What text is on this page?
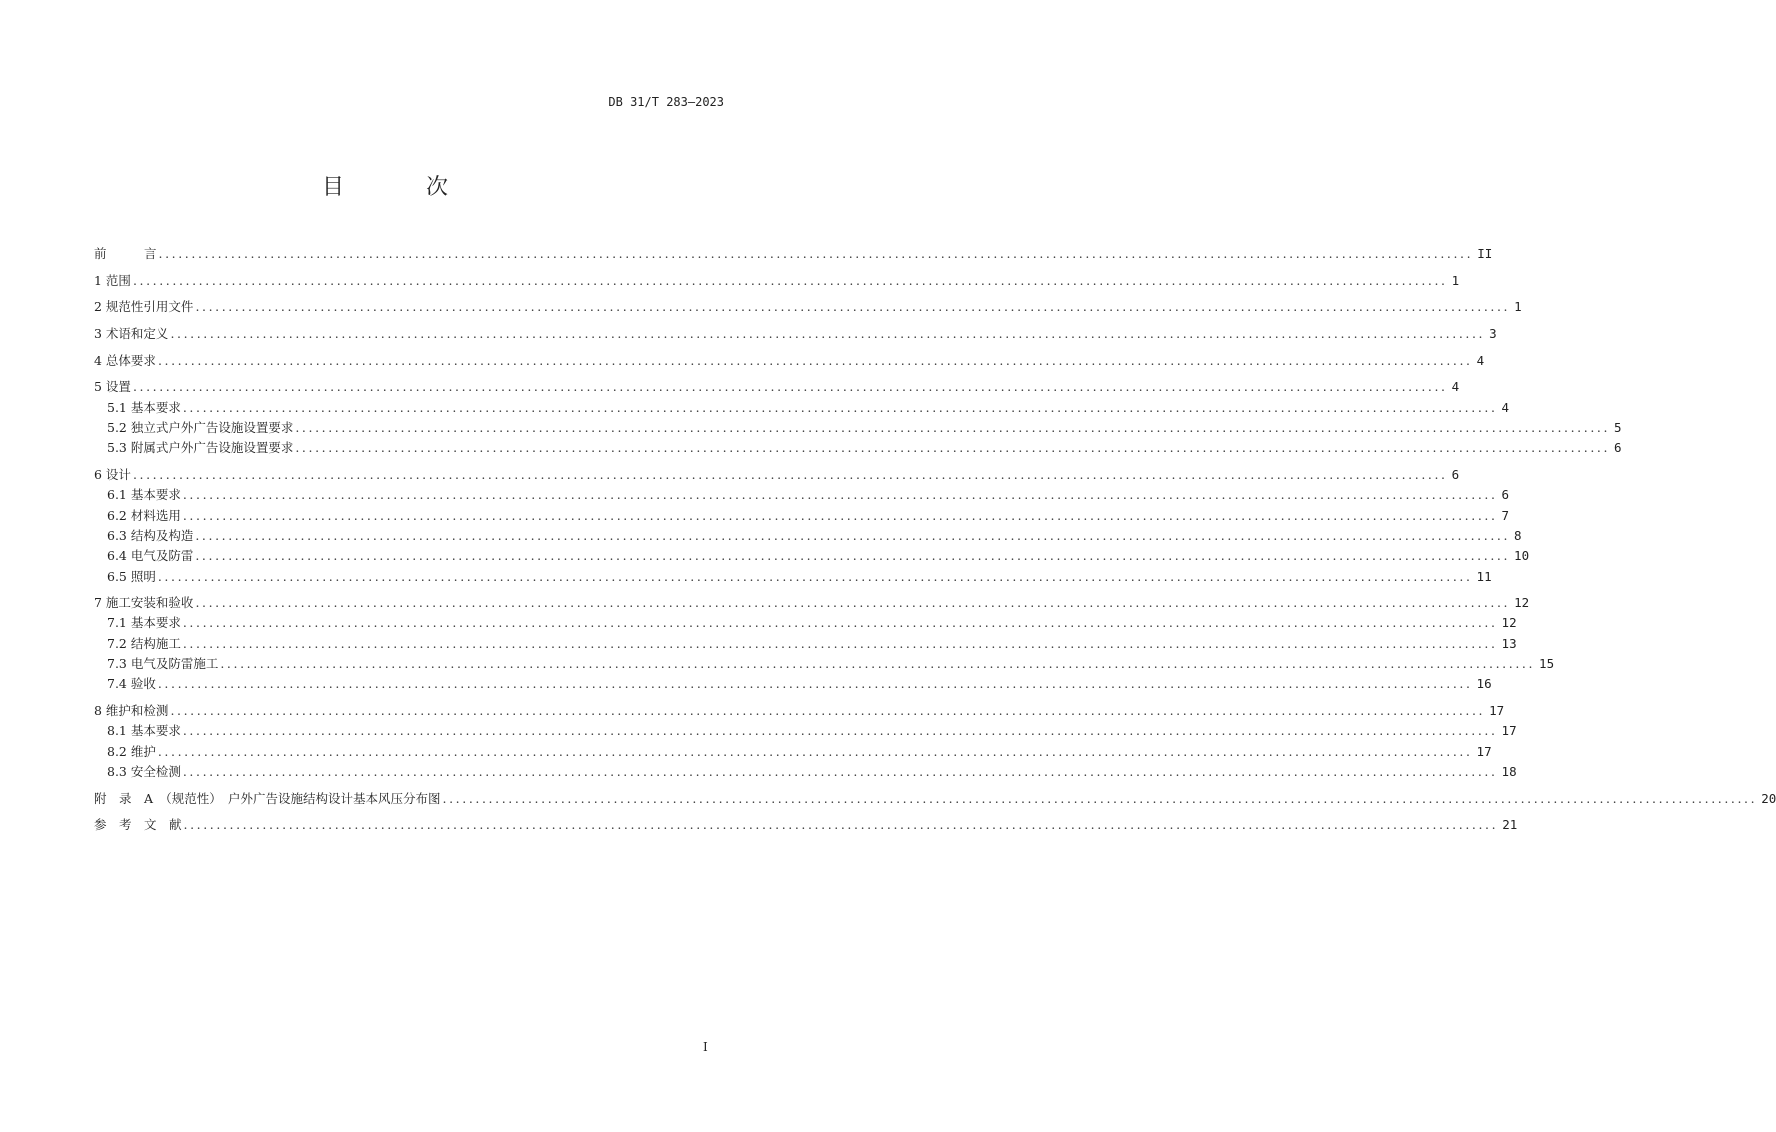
DB 31/T 283—2023
目　次
前　　　言 ........................................................................................................................................................................................................ II
1 范围 ........................................................................................................................................................................................................ 1
2 规范性引用文件 ........................................................................................................................................................................................................ 1
3 术语和定义 ........................................................................................................................................................................................................ 3
4 总体要求 ........................................................................................................................................................................................................ 4
5 设置 ........................................................................................................................................................................................................ 4
5.1 基本要求 ........................................................................................................................................................................................................ 4
5.2 独立式户外广告设施设置要求 ........................................................................................................................................................................................................ 5
5.3 附属式户外广告设施设置要求 ........................................................................................................................................................................................................ 6
6 设计 ........................................................................................................................................................................................................ 6
6.1 基本要求 ........................................................................................................................................................................................................ 6
6.2 材料选用 ........................................................................................................................................................................................................ 7
6.3 结构及构造 ........................................................................................................................................................................................................ 8
6.4 电气及防雷 ........................................................................................................................................................................................................ 10
6.5 照明 ........................................................................................................................................................................................................ 11
7 施工安装和验收 ........................................................................................................................................................................................................ 12
7.1 基本要求 ........................................................................................................................................................................................................ 12
7.2 结构施工 ........................................................................................................................................................................................................ 13
7.3 电气及防雷施工 ........................................................................................................................................................................................................ 15
7.4 验收 ........................................................................................................................................................................................................ 16
8 维护和检测 ........................................................................................................................................................................................................ 17
8.1 基本要求 ........................................................................................................................................................................................................ 17
8.2 维护 ........................................................................................................................................................................................................ 17
8.3 安全检测 ........................................................................................................................................................................................................ 18
附　录　A　（规范性）　户外广告设施结构设计基本风压分布图 ........................................................................................................................................................................................................ 20
参　考　文　献 ........................................................................................................................................................................................................ 21
I
